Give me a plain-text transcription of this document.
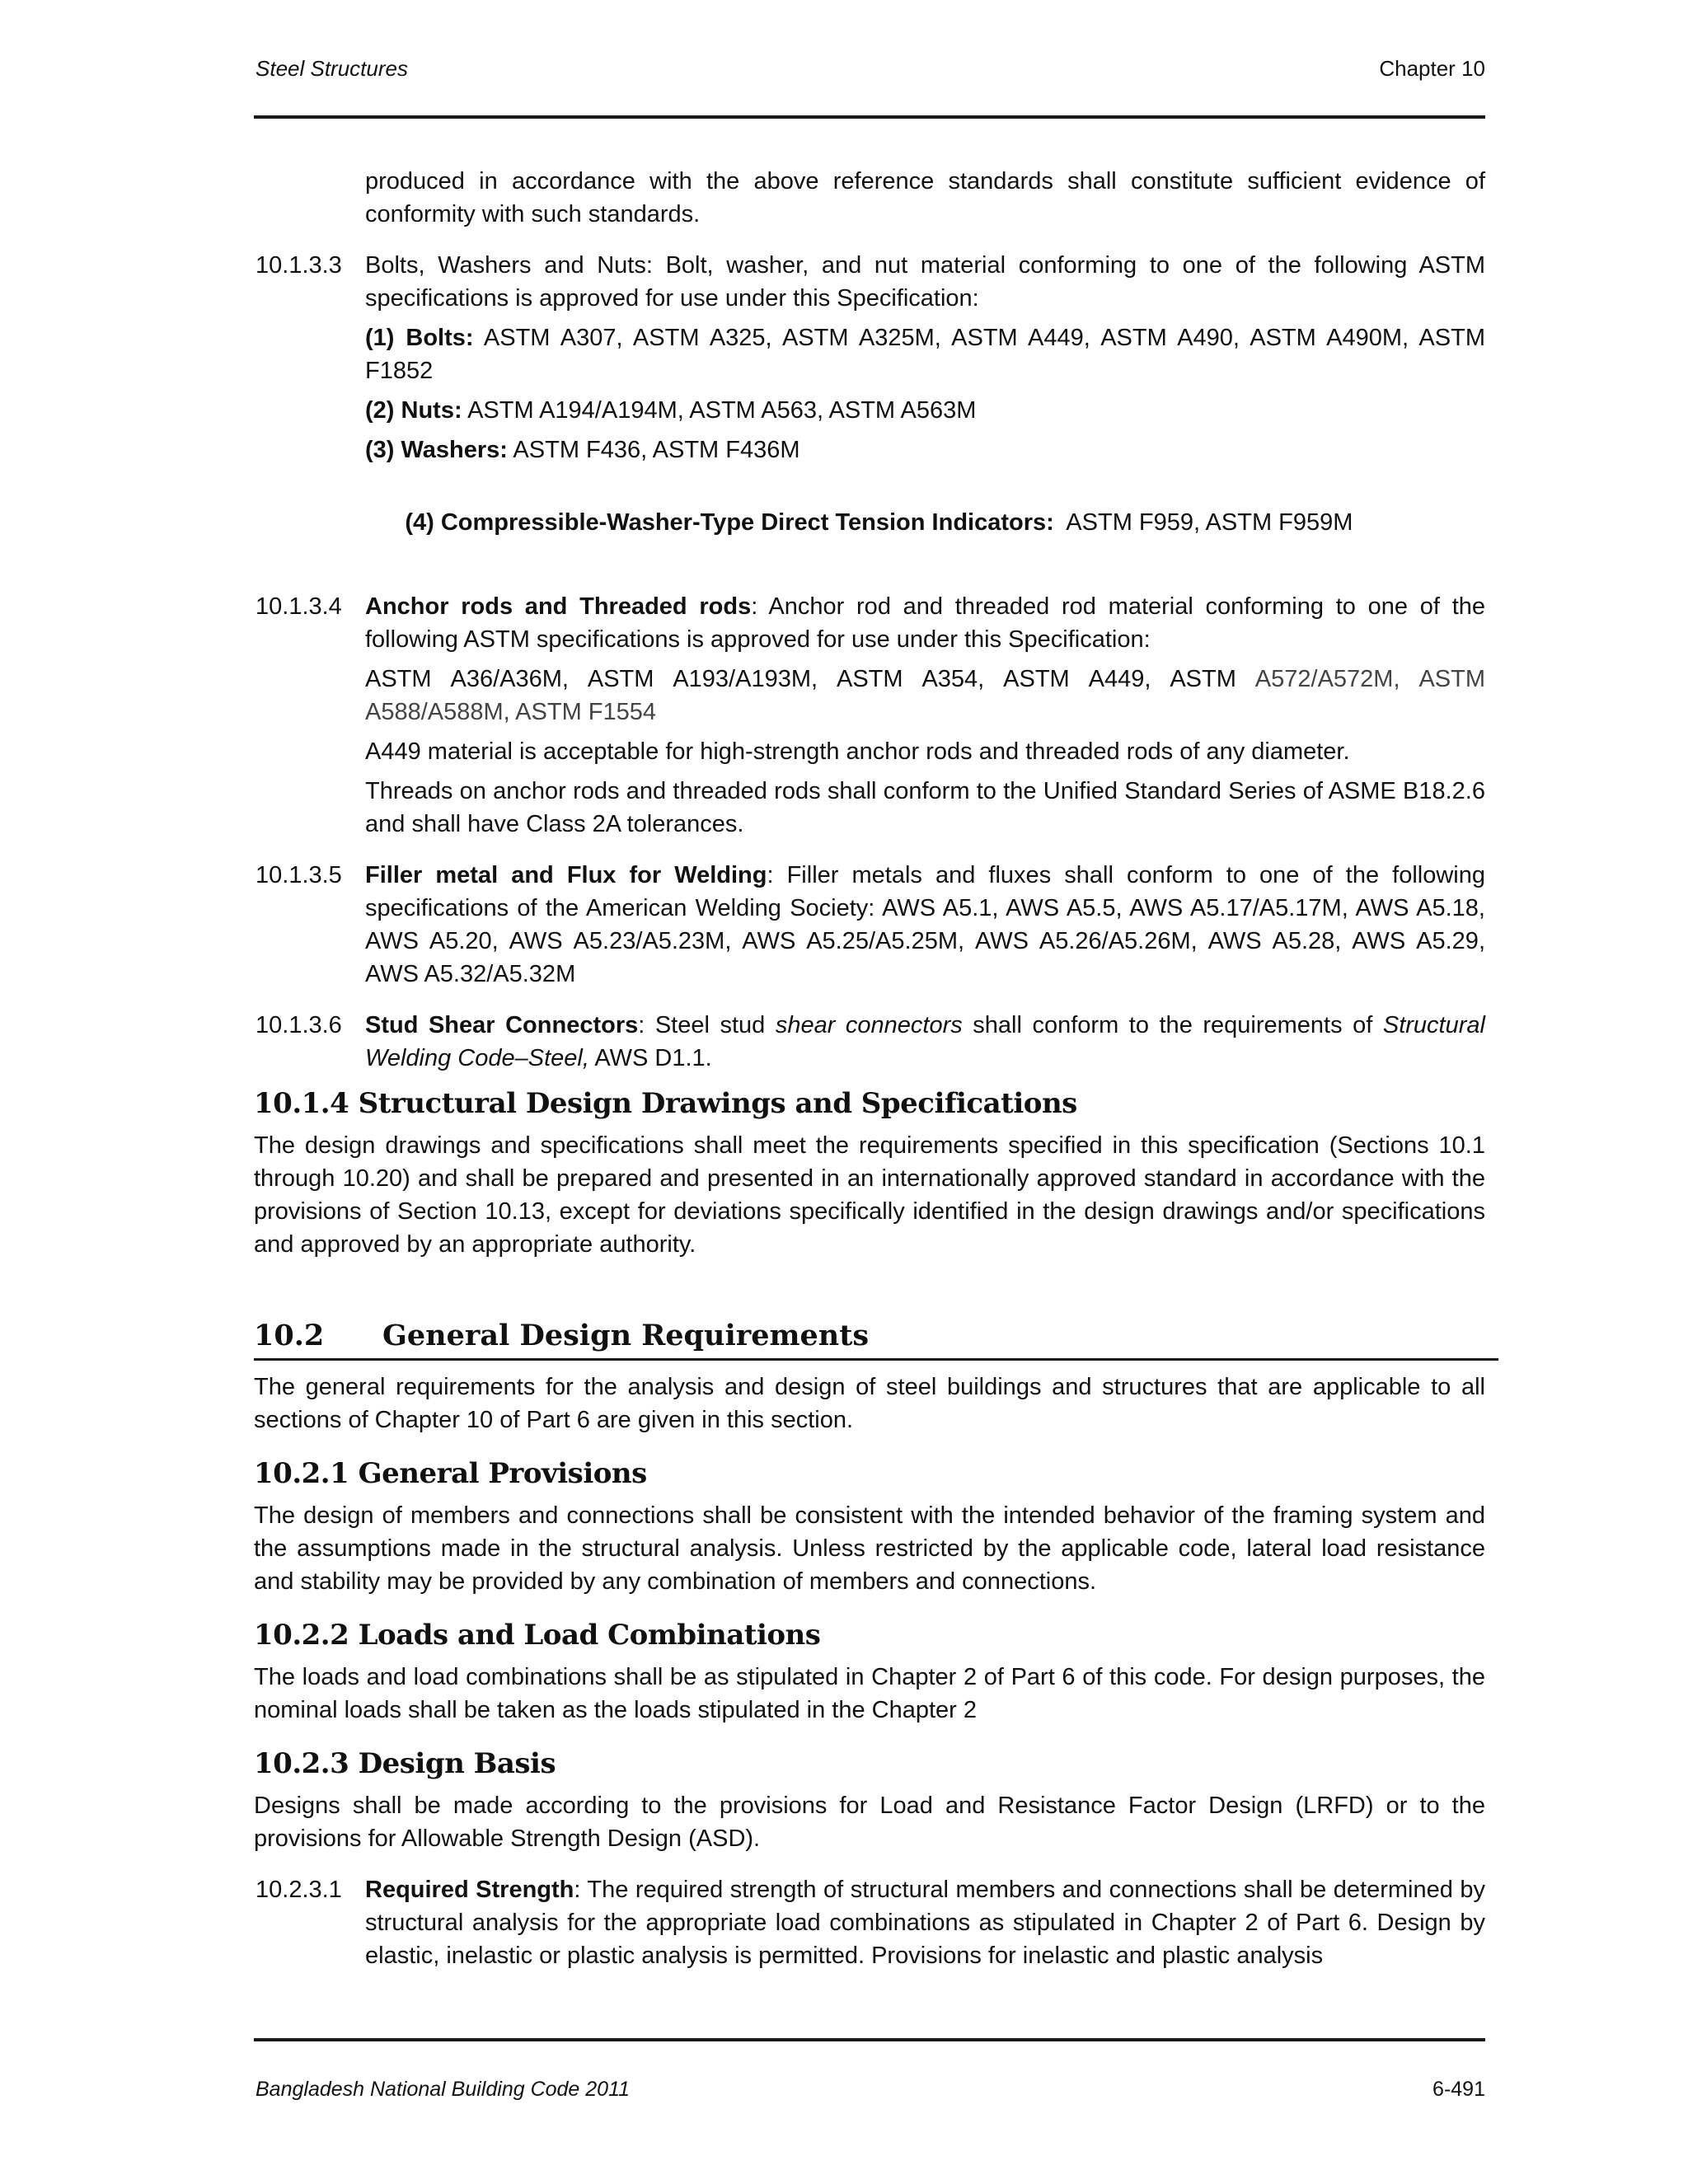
Steel Structures	Chapter 10

produced in accordance with the above reference standards shall constitute sufficient evidence of conformity with such standards.

10.1.3.3 Bolts, Washers and Nuts: Bolt, washer, and nut material conforming to one of the following ASTM specifications is approved for use under this Specification:

(1) Bolts: ASTM A307, ASTM A325, ASTM A325M, ASTM A449, ASTM A490, ASTM A490M, ASTM F1852

(2) Nuts: ASTM A194/A194M, ASTM A563, ASTM A563M

(3) Washers: ASTM F436, ASTM F436M

(4) Compressible-Washer-Type Direct Tension Indicators:  ASTM F959, ASTM F959M

10.1.3.4 Anchor rods and Threaded rods: Anchor rod and threaded rod material conforming to one of the following ASTM specifications is approved for use under this Specification:

ASTM A36/A36M, ASTM A193/A193M, ASTM A354, ASTM A449, ASTM A572/A572M, ASTM A588/A588M, ASTM F1554

A449 material is acceptable for high-strength anchor rods and threaded rods of any diameter.

Threads on anchor rods and threaded rods shall conform to the Unified Standard Series of ASME B18.2.6 and shall have Class 2A tolerances.

10.1.3.5 Filler metal and Flux for Welding: Filler metals and fluxes shall conform to one of the following specifications of the American Welding Society: AWS A5.1, AWS A5.5, AWS A5.17/A5.17M, AWS A5.18, AWS A5.20, AWS A5.23/A5.23M, AWS A5.25/A5.25M, AWS A5.26/A5.26M, AWS A5.28, AWS A5.29, AWS A5.32/A5.32M

10.1.3.6 Stud Shear Connectors: Steel stud shear connectors shall conform to the requirements of Structural Welding Code–Steel, AWS D1.1.

10.1.4 Structural Design Drawings and Specifications

The design drawings and specifications shall meet the requirements specified in this specification (Sections 10.1 through 10.20) and shall be prepared and presented in an internationally approved standard in accordance with the provisions of Section 10.13, except for deviations specifically identified in the design drawings and/or specifications and approved by an appropriate authority.

10.2	General Design Requirements

The general requirements for the analysis and design of steel buildings and structures that are applicable to all sections of Chapter 10 of Part 6 are given in this section.

10.2.1 General Provisions

The design of members and connections shall be consistent with the intended behavior of the framing system and the assumptions made in the structural analysis. Unless restricted by the applicable code, lateral load resistance and stability may be provided by any combination of members and connections.

10.2.2 Loads and Load Combinations

The loads and load combinations shall be as stipulated in Chapter 2 of Part 6 of this code. For design purposes, the nominal loads shall be taken as the loads stipulated in the Chapter 2

10.2.3 Design Basis

Designs shall be made according to the provisions for Load and Resistance Factor Design (LRFD) or to the provisions for Allowable Strength Design (ASD).

10.2.3.1 Required Strength: The required strength of structural members and connections shall be determined by structural analysis for the appropriate load combinations as stipulated in Chapter 2 of Part 6. Design by elastic, inelastic or plastic analysis is permitted. Provisions for inelastic and plastic analysis

Bangladesh National Building Code 2011	6-491
